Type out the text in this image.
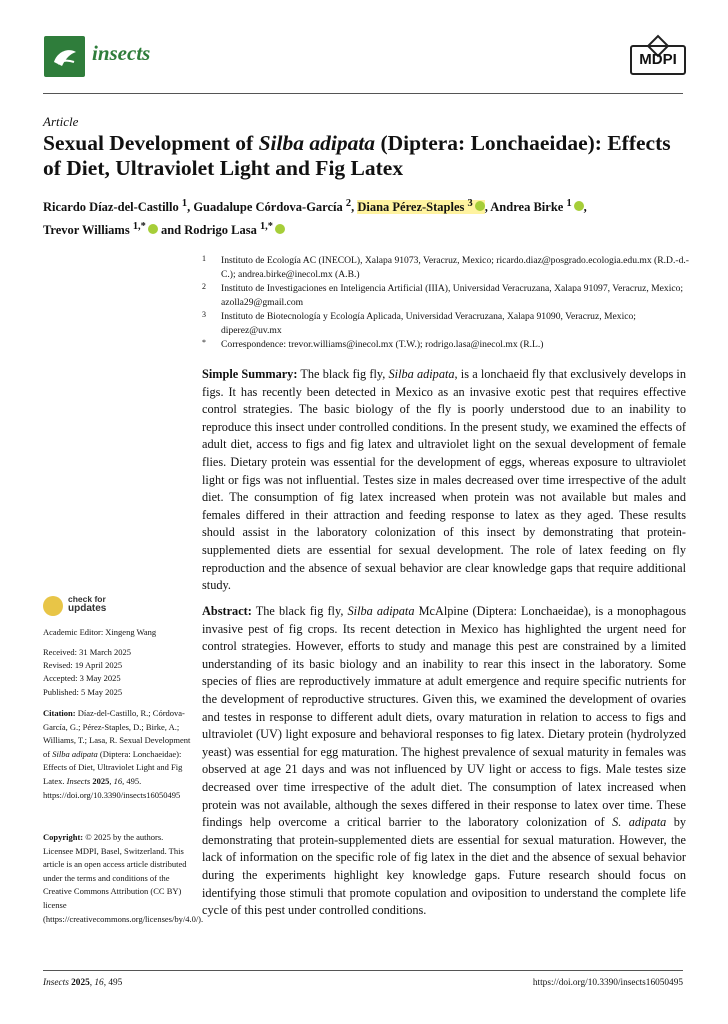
insects	MDPI
Article
Sexual Development of Silba adipata (Diptera: Lonchaeidae): Effects of Diet, Ultraviolet Light and Fig Latex
Ricardo Díaz-del-Castillo $^1$, Guadalupe Córdova-García $^2$, Diana Pérez-Staples $^3$ , Andrea Birke $^1$ ,
Trevor Williams $^{1,*}$ and Rodrigo Lasa $^{1,*}$
1 Instituto de Ecología AC (INECOL), Xalapa 91073, Veracruz, Mexico; ricardo.diaz@posgrado.ecologia.edu.mx (R.D.-d.-C.); andrea.birke@inecol.mx (A.B.)
2 Instituto de Investigaciones en Inteligencia Artificial (IIIA), Universidad Veracruzana, Xalapa 91097, Veracruz, Mexico; azolla29@gmail.com
3 Instituto de Biotecnología y Ecología Aplicada, Universidad Veracruzana, Xalapa 91090, Veracruz, Mexico; diperez@uv.mx
* Correspondence: trevor.williams@inecol.mx (T.W.); rodrigo.lasa@inecol.mx (R.L.)
Simple Summary: The black fig fly, Silba adipata, is a lonchaeid fly that exclusively develops in figs. It has recently been detected in Mexico as an invasive exotic pest that requires effective control strategies. The basic biology of the fly is poorly understood due to an inability to reproduce this insect under controlled conditions. In the present study, we examined the effects of adult diet, access to figs and fig latex and ultraviolet light on the sexual development of female flies. Dietary protein was essential for the development of eggs, whereas exposure to ultraviolet light or figs was not influential. Testes size in males decreased over time irrespective of the adult diet. The consumption of fig latex increased when protein was not available but males and females differed in their attraction and feeding response to latex as they aged. These results should assist in the laboratory colonization of this insect by demonstrating that protein-supplemented diets are essential for sexual development. The role of latex feeding on fly reproduction and the absence of sexual behavior are clear knowledge gaps that require additional study.
Abstract: The black fig fly, Silba adipata McAlpine (Diptera: Lonchaeidae), is a monophagous invasive pest of fig crops. Its recent detection in Mexico has highlighted the urgent need for control strategies. However, efforts to study and manage this pest are constrained by a limited understanding of its basic biology and an inability to rear this insect in the laboratory. Some species of flies are reproductively immature at adult emergence and require specific nutrients for the development of reproductive structures. Given this, we examined the development of ovaries and testes in response to different adult diets, ovary maturation in relation to access to figs and ultraviolet (UV) light exposure and behavioral responses to fig latex. Dietary protein (hydrolyzed yeast) was essential for egg maturation. The highest prevalence of sexual maturity in females was observed at age 21 days and was not influenced by UV light or access to figs. Male testes size decreased over time irrespective of the adult diet. The consumption of latex increased when protein was not available, although the sexes differed in their response to latex over time. These findings help overcome a critical barrier to the laboratory colonization of S. adipata by demonstrating that protein-supplemented diets are essential for sexual maturation. However, the lack of information on the specific role of fig latex in the diet and the absence of sexual behavior during the experiments highlight key knowledge gaps. Future research should focus on identifying those stimuli that promote copulation and oviposition to understand the complete life cycle of this pest under controlled conditions.
check for
updates
Academic Editor: Xingeng Wang
Received: 31 March 2025
Revised: 19 April 2025
Accepted: 3 May 2025
Published: 5 May 2025
Citation: Díaz-del-Castillo, R.; Córdova-García, G.; Pérez-Staples, D.; Birke, A.; Williams, T.; Lasa, R. Sexual Development of Silba adipata (Diptera: Lonchaeidae): Effects of Diet, Ultraviolet Light and Fig Latex. Insects 2025, 16, 495. https://doi.org/10.3390/insects16050495
Copyright: © 2025 by the authors. Licensee MDPI, Basel, Switzerland. This article is an open access article distributed under the terms and conditions of the Creative Commons Attribution (CC BY) license (https://creativecommons.org/licenses/by/4.0/).
Insects 2025, 16, 495	https://doi.org/10.3390/insects16050495
